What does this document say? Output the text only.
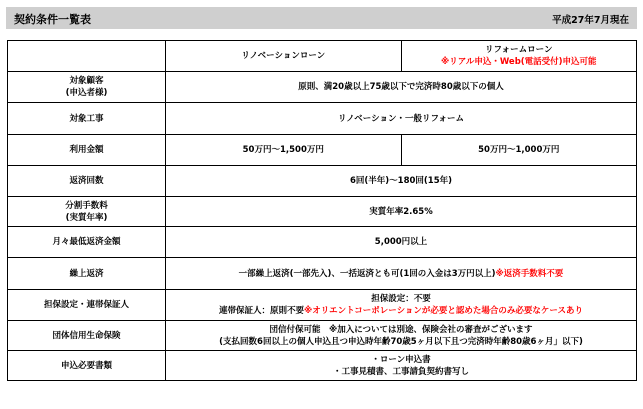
契約条件一覧表	平成27年7月現在
	リノベーションローン	リフォームローン
※リアル申込・Web(電話受付)申込可能

対象顧客
(申込者様)	原則、満20歳以上75歳以下で完済時80歳以下の個人	
対象工事	リノベーション・一般リフォーム	
利用金額	50万円～1,500万円	50万円～1,000万円
返済回数	6回(半年)～180回(15年)	

分割手数料
(実質年率)	実質年率2.65%	
月々最低返済金額	5,000円以上	
繰上返済	一部繰上返済(一部先入)、一括返済とも可(1回の入金は3万円以上)※返済手数料不要	
担保設定・連帯保証人	担保設定：不要
連帯保証人：原則不要※オリエントコーポレーションが必要と認めた場合のみ必要なケースあり	

団体信用生命保険	団信付保可能　※加入については別途、保険会社の審査がございます
(支払回数6回以上の個人申込且つ申込時年齢70歳5ヶ月以下且つ完済時年齢80歳6ヶ月」以下)	

申込必要書類	・ローン申込書
・工事見積書、工事請負契約書写し	
